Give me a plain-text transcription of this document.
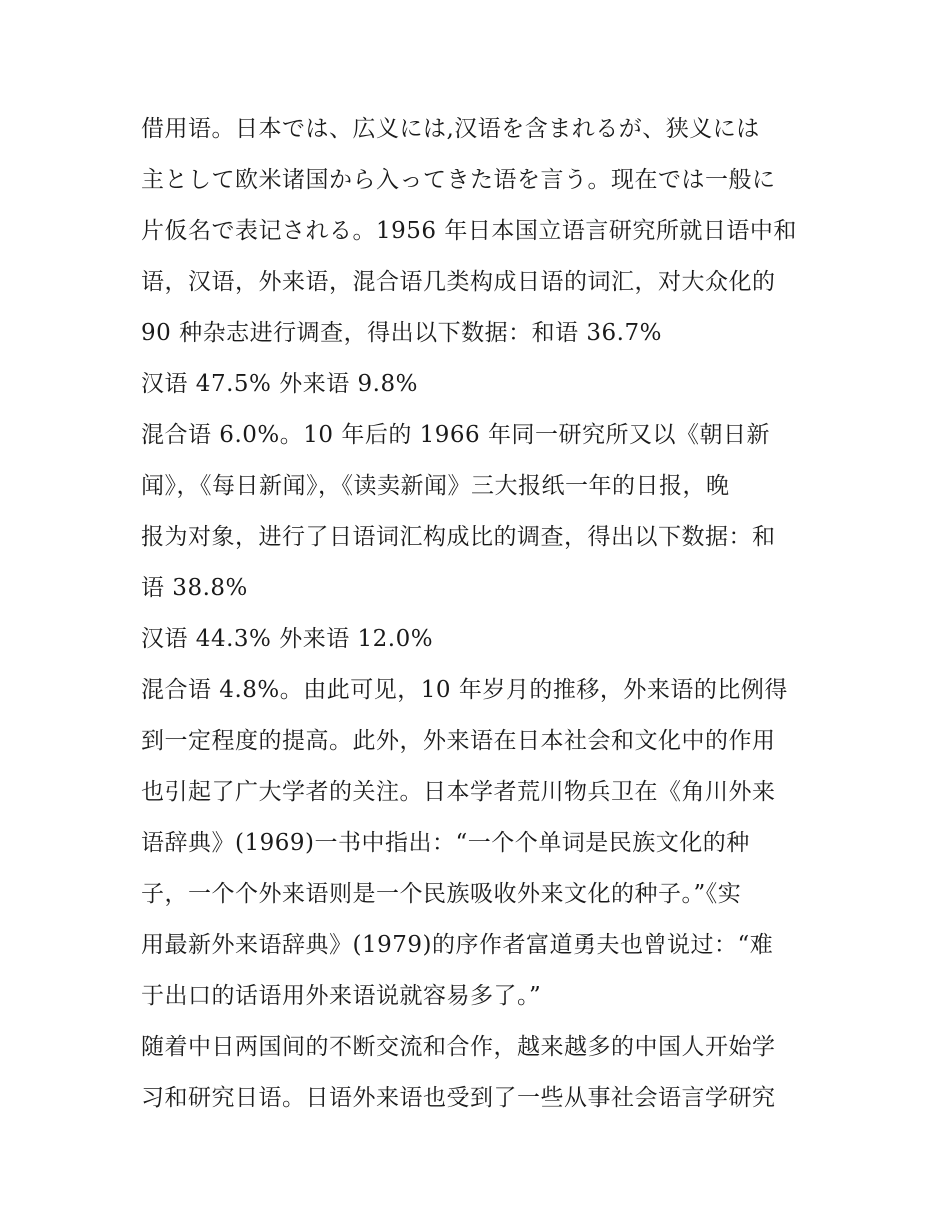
借用语。日本では、広义には,汉语を含まれるが、狭义には
主として欧米诸国から入ってきた语を言う。现在では一般に
片仮名で表记される。1956 年日本国立语言研究所就日语中和
语，汉语，外来语，混合语几类构成日语的词汇，对大众化的
90 种杂志进行调查，得出以下数据：和语 36.7%
汉语 47.5% 外来语 9.8%
混合语 6.0%。10 年后的 1966 年同一研究所又以《朝日新
闻》，《每日新闻》，《读卖新闻》三大报纸一年的日报，晚
报为对象，进行了日语词汇构成比的调查，得出以下数据：和
语 38.8%
汉语 44.3% 外来语 12.0%
混合语 4.8%。由此可见，10 年岁月的推移，外来语的比例得
到一定程度的提高。此外，外来语在日本社会和文化中的作用
也引起了广大学者的关注。日本学者荒川物兵卫在《角川外来
语辞典》(1969)一书中指出：“一个个单词是民族文化的种
子，一个个外来语则是一个民族吸收外来文化的种子。”《实
用最新外来语辞典》(1979)的序作者富道勇夫也曾说过：“难
于出口的话语用外来语说就容易多了。”
随着中日两国间的不断交流和合作，越来越多的中国人开始学
习和研究日语。日语外来语也受到了一些从事社会语言学研究
